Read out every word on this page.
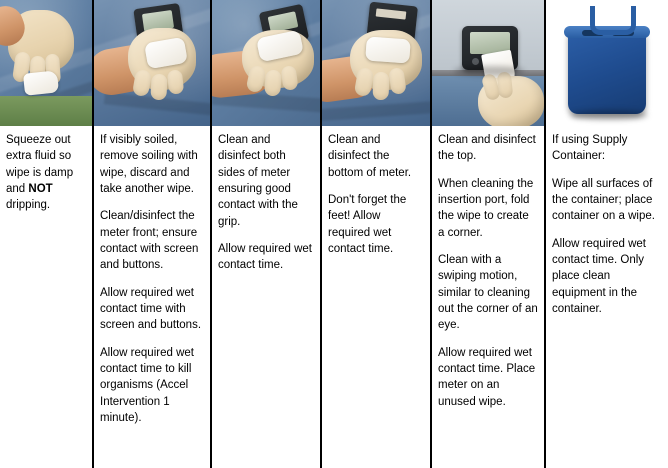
Squeeze out extra fluid so wipe is damp and NOT dripping.

If visibly soiled, remove soiling with wipe, discard and take another wipe.

Clean/disinfect the meter front; ensure contact with screen and buttons.

Allow required wet contact time with screen and buttons.

Allow required wet contact time to kill organisms (Accel Intervention 1 minute).

Clean and disinfect both sides of meter ensuring good contact with the grip.

Allow required wet contact time.

Clean and disinfect the bottom of meter.

Don't forget the feet! Allow required wet contact time.

Clean and disinfect the top.

When cleaning the insertion port, fold the wipe to create a corner.

Clean with a swiping motion, similar to cleaning out the corner of an eye.

Allow required wet contact time. Place meter on an unused wipe.

If using Supply Container:

Wipe all surfaces of the container; place container on a wipe.

Allow required wet contact time. Only place clean equipment in the container.
